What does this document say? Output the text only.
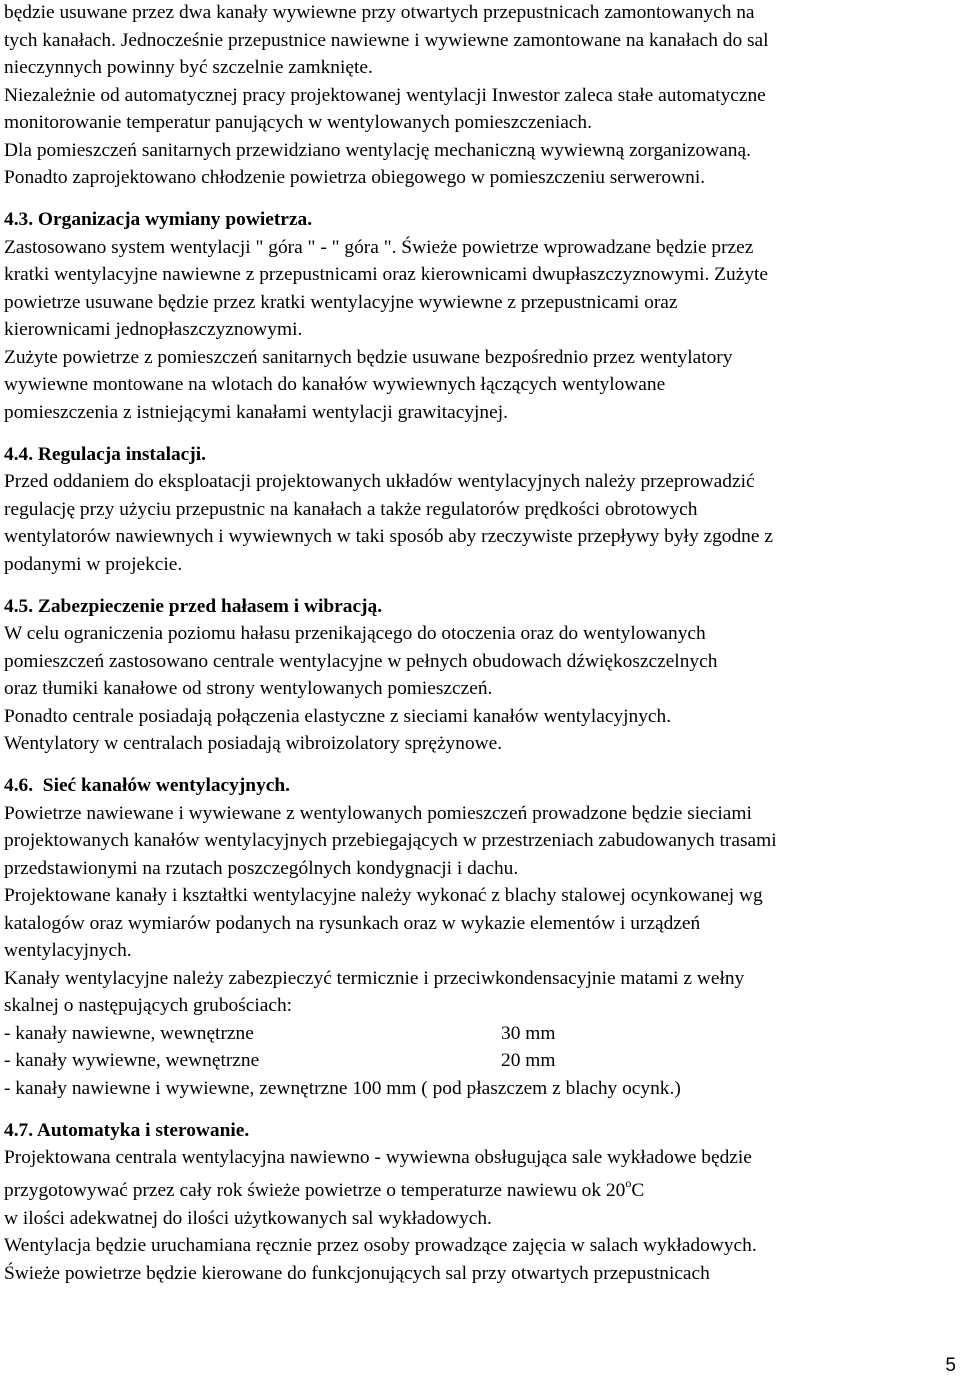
będzie usuwane przez dwa kanały wywiewne przy otwartych przepustnicach zamontowanych na
tych kanałach. Jednocześnie przepustnice nawiewne i wywiewne zamontowane na kanałach do sal
nieczynnych powinny być szczelnie zamknięte.
Niezależnie od automatycznej pracy projektowanej wentylacji Inwestor zaleca stałe automatyczne
monitorowanie temperatur panujących w wentylowanych pomieszczeniach.
Dla pomieszczeń sanitarnych przewidziano wentylację mechaniczną wywiewną zorganizowaną.
Ponadto zaprojektowano chłodzenie powietrza obiegowego w pomieszczeniu serwerowni.
4.3. Organizacja wymiany powietrza.
Zastosowano system wentylacji " góra " - " góra ". Świeże powietrze wprowadzane będzie przez
kratki wentylacyjne nawiewne z przepustnicami oraz kierownicami dwupłaszczyznowymi. Zużyte
powietrze usuwane będzie przez kratki wentylacyjne wywiewne z przepustnicami oraz
kierownicami jednopłaszczyznowymi.
Zużyte powietrze z pomieszczeń sanitarnych będzie usuwane bezpośrednio przez wentylatory
wywiewne montowane na wlotach do kanałów wywiewnych łączących wentylowane
pomieszczenia z istniejącymi kanałami wentylacji grawitacyjnej.
4.4. Regulacja instalacji.
Przed oddaniem do eksploatacji projektowanych układów wentylacyjnych należy przeprowadzić
regulację przy użyciu przepustnic na kanałach a także regulatorów prędkości obrotowych
wentylatorów nawiewnych i wywiewnych w taki sposób aby rzeczywiste przepływy były zgodne z
podanymi w projekcie.
4.5. Zabezpieczenie przed hałasem i wibracją.
W celu ograniczenia poziomu hałasu przenikającego do otoczenia oraz do wentylowanych
pomieszczeń zastosowano centrale wentylacyjne w pełnych obudowach dźwiękoszczelnych
oraz tłumiki kanałowe od strony wentylowanych pomieszczeń.
Ponadto centrale posiadają połączenia elastyczne z sieciami kanałów wentylacyjnych.
Wentylatory w centralach posiadają wibroizolatory sprężynowe.
4.6.  Sieć kanałów wentylacyjnych.
Powietrze nawiewane i wywiewane z wentylowanych pomieszczeń prowadzone będzie sieciami
projektowanych kanałów wentylacyjnych przebiegających w przestrzeniach zabudowanych trasami
przedstawionymi na rzutach poszczególnych kondygnacji i dachu.
Projektowane kanały i kształtki wentylacyjne należy wykonać z blachy stalowej ocynkowanej wg
katalogów oraz wymiarów podanych na rysunkach oraz w wykazie elementów i urządzeń
wentylacyjnych.
Kanały wentylacyjne należy zabezpieczyć termicznie i przeciwkondensacyjnie matami z wełny
skalnej o następujących grubościach:
- kanały nawiewne, wewnętrzne	30 mm
- kanały wywiewne, wewnętrzne	20 mm
- kanały nawiewne i wywiewne, zewnętrzne 100 mm ( pod płaszczem z blachy ocynk.)
4.7. Automatyka i sterowanie.
Projektowana centrala wentylacyjna nawiewno - wywiewna obsługująca sale wykładowe będzie
przygotowywać przez cały rok świeże powietrze o temperaturze nawiewu ok 20$^o$C
w ilości adekwatnej do ilości użytkowanych sal wykładowych.
Wentylacja będzie uruchamiana ręcznie przez osoby prowadzące zajęcia w salach wykładowych.
Świeże powietrze będzie kierowane do funkcjonujących sal przy otwartych przepustnicach
5
